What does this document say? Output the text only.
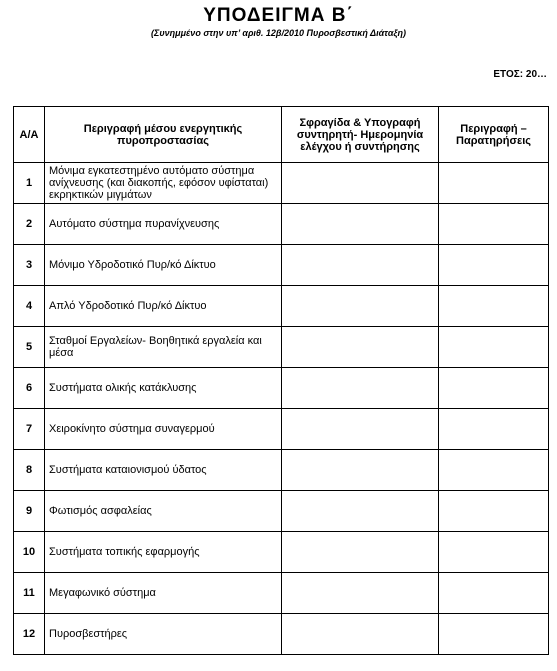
ΥΠΟΔΕΙΓΜΑ Β΄
(Συνημμένο στην υπ’ αριθ. 12β/2010 Πυροσβεστική Διάταξη)
ΕΤΟΣ: 20…
Α/Α	Περιγραφή μέσου ενεργητικής πυροπροστασίας	Σφραγίδα & Υπογραφή συντηρητή- Ημερομηνία ελέγχου ή συντήρησης	Περιγραφή – Παρατηρήσεις
1	Μόνιμα εγκατεστημένο αυτόματο σύστημα ανίχνευσης (και διακοπής, εφόσον υφίσταται) εκρηκτικών μιγμάτων		
2	Αυτόματο σύστημα πυρανίχνευσης		
3	Μόνιμο Υδροδοτικό Πυρ/κό Δίκτυο		
4	Απλό Υδροδοτικό Πυρ/κό Δίκτυο		
5	Σταθμοί Εργαλείων- Βοηθητικά εργαλεία και μέσα		
6	Συστήματα ολικής κατάκλυσης		
7	Χειροκίνητο σύστημα συναγερμού		
8	Συστήματα καταιονισμού ύδατος		
9	Φωτισμός ασφαλείας		
10	Συστήματα τοπικής εφαρμογής		
11	Μεγαφωνικό σύστημα		
12	Πυροσβεστήρες		
